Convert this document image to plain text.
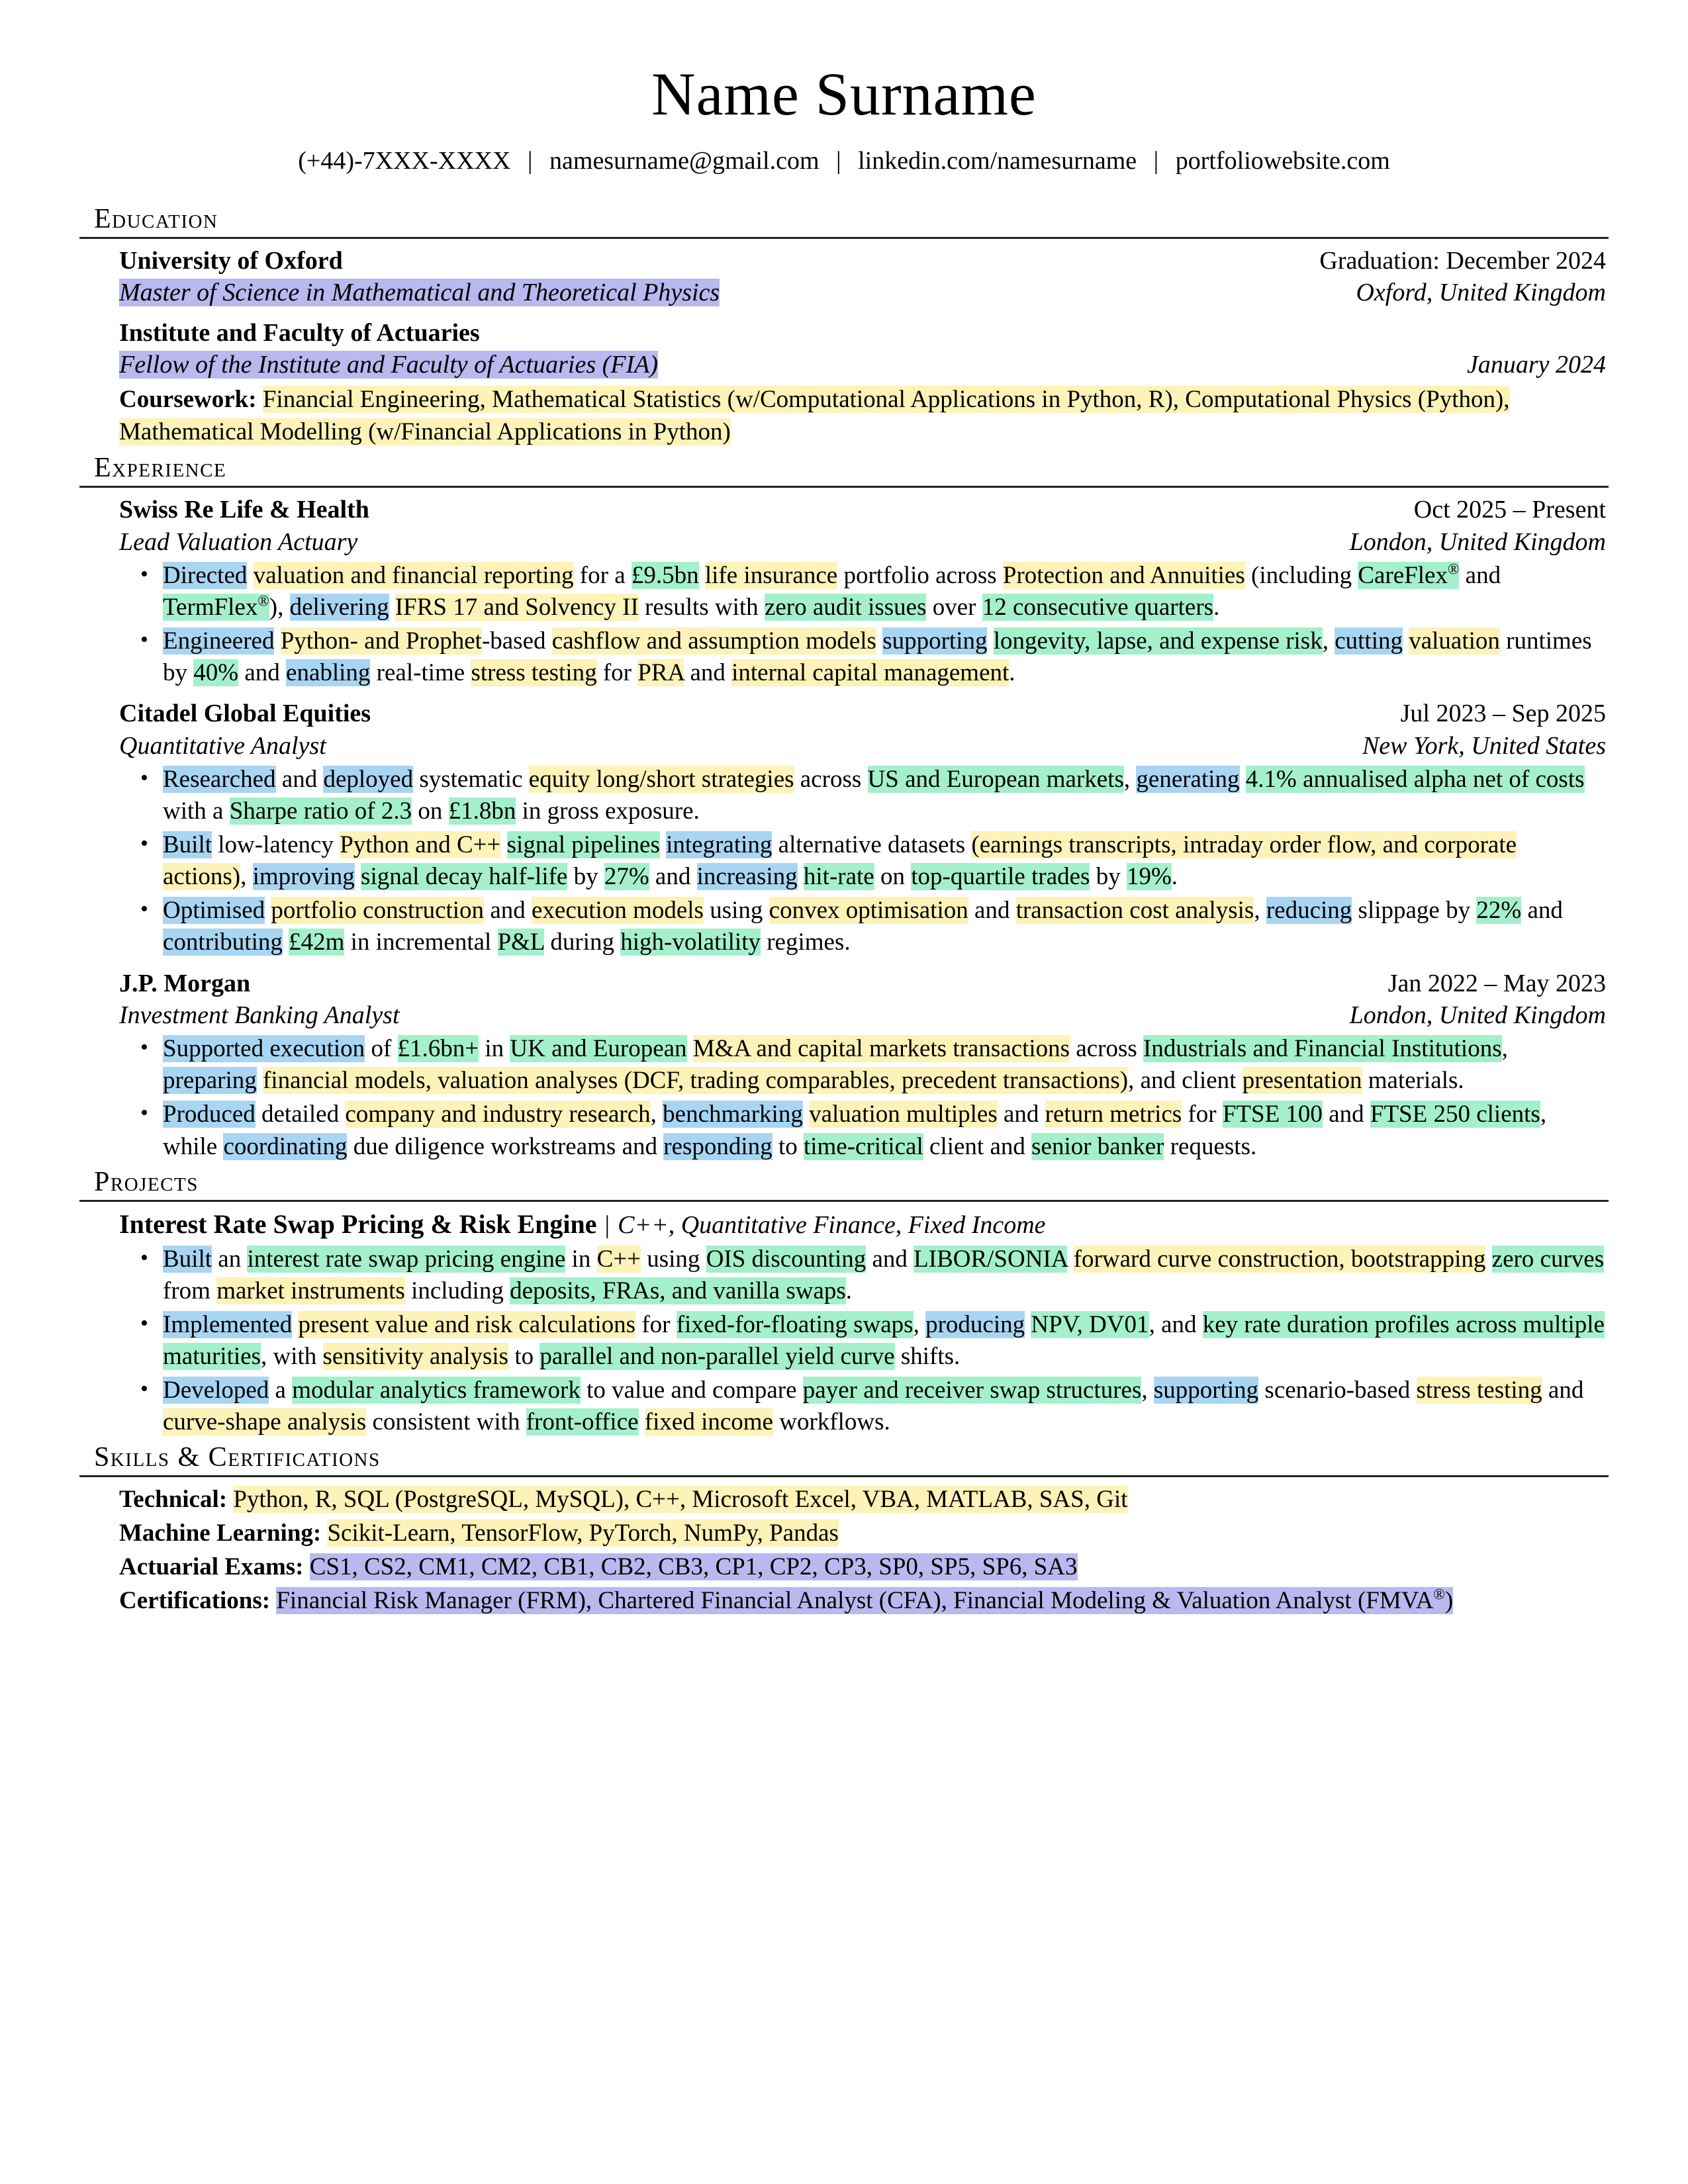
Name Surname
(+44)-7XXX-XXXX | namesurname@gmail.com | linkedin.com/namesurname | portfoliowebsite.com
Education
University of Oxford	Graduation: December 2024
Master of Science in Mathematical and Theoretical Physics	Oxford, United Kingdom
Institute and Faculty of Actuaries
Fellow of the Institute and Faculty of Actuaries (FIA)	January 2024
Coursework: Financial Engineering, Mathematical Statistics (w/Computational Applications in Python, R), Computational Physics (Python), Mathematical Modelling (w/Financial Applications in Python)
Experience
Swiss Re Life & Health	Oct 2025 – Present
Lead Valuation Actuary	London, United Kingdom
• Directed valuation and financial reporting for a £9.5bn life insurance portfolio across Protection and Annuities (including CareFlex® and TermFlex®), delivering IFRS 17 and Solvency II results with zero audit issues over 12 consecutive quarters.
• Engineered Python- and Prophet-based cashflow and assumption models supporting longevity, lapse, and expense risk, cutting valuation runtimes by 40% and enabling real-time stress testing for PRA and internal capital management.
Citadel Global Equities	Jul 2023 – Sep 2025
Quantitative Analyst	New York, United States
• Researched and deployed systematic equity long/short strategies across US and European markets, generating 4.1% annualised alpha net of costs with a Sharpe ratio of 2.3 on £1.8bn in gross exposure.
• Built low-latency Python and C++ signal pipelines integrating alternative datasets (earnings transcripts, intraday order flow, and corporate actions), improving signal decay half-life by 27% and increasing hit-rate on top-quartile trades by 19%.
• Optimised portfolio construction and execution models using convex optimisation and transaction cost analysis, reducing slippage by 22% and contributing £42m in incremental P&L during high-volatility regimes.
J.P. Morgan	Jan 2022 – May 2023
Investment Banking Analyst	London, United Kingdom
• Supported execution of £1.6bn+ in UK and European M&A and capital markets transactions across Industrials and Financial Institutions, preparing financial models, valuation analyses (DCF, trading comparables, precedent transactions), and client presentation materials.
• Produced detailed company and industry research, benchmarking valuation multiples and return metrics for FTSE 100 and FTSE 250 clients, while coordinating due diligence workstreams and responding to time-critical client and senior banker requests.
Projects
Interest Rate Swap Pricing & Risk Engine | C++, Quantitative Finance, Fixed Income
• Built an interest rate swap pricing engine in C++ using OIS discounting and LIBOR/SONIA forward curve construction, bootstrapping zero curves from market instruments including deposits, FRAs, and vanilla swaps.
• Implemented present value and risk calculations for fixed-for-floating swaps, producing NPV, DV01, and key rate duration profiles across multiple maturities, with sensitivity analysis to parallel and non-parallel yield curve shifts.
• Developed a modular analytics framework to value and compare payer and receiver swap structures, supporting scenario-based stress testing and curve-shape analysis consistent with front-office fixed income workflows.
Skills & Certifications
Technical: Python, R, SQL (PostgreSQL, MySQL), C++, Microsoft Excel, VBA, MATLAB, SAS, Git
Machine Learning: Scikit-Learn, TensorFlow, PyTorch, NumPy, Pandas
Actuarial Exams: CS1, CS2, CM1, CM2, CB1, CB2, CB3, CP1, CP2, CP3, SP0, SP5, SP6, SA3
Certifications: Financial Risk Manager (FRM), Chartered Financial Analyst (CFA), Financial Modeling & Valuation Analyst (FMVA®)
